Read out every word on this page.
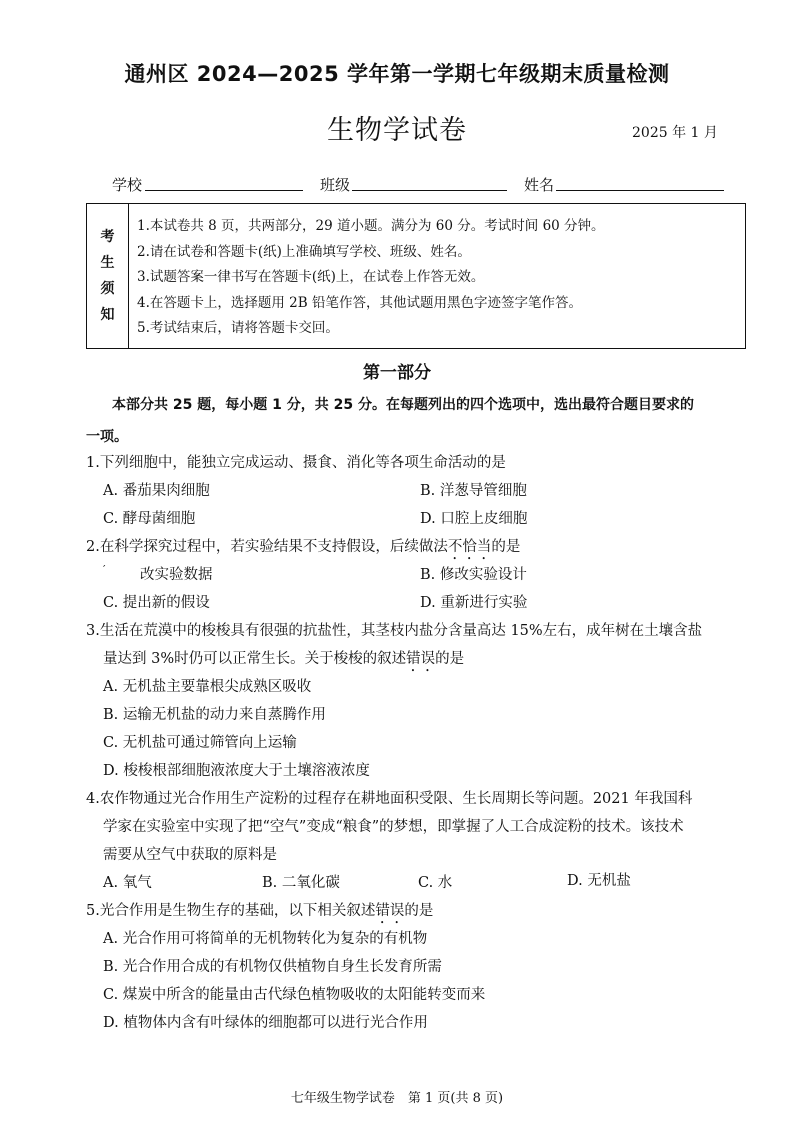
通州区 2024—2025 学年第一学期七年级期末质量检测
生物学试卷	2025 年 1 月
学校	班级	姓名
考
生
须
知
1.本试卷共 8 页，共两部分，29 道小题。满分为 60 分。考试时间 60 分钟。
2.请在试卷和答题卡(纸)上准确填写学校、班级、姓名。
3.试题答案一律书写在答题卡(纸)上，在试卷上作答无效。
4.在答题卡上，选择题用 2B 铅笔作答，其他试题用黑色字迹签字笔作答。
5.考试结束后，请将答题卡交回。
第一部分
本部分共 25 题，每小题 1 分，共 25 分。在每题列出的四个选项中，选出最符合题目要求的
一项。
1.下列细胞中，能独立完成运动、摄食、消化等各项生命活动的是
A. 番茄果肉细胞	B. 洋葱导管细胞
C. 酵母菌细胞	D. 口腔上皮细胞
2.在科学探究过程中，若实验结果不支持假设，后续做法不恰当的是
′ 改实验数据	B. 修改实验设计
C. 提出新的假设	D. 重新进行实验
3.生活在荒漠中的梭梭具有很强的抗盐性，其茎枝内盐分含量高达 15%左右，成年树在土壤含盐
量达到 3%时仍可以正常生长。关于梭梭的叙述错误的是
A. 无机盐主要靠根尖成熟区吸收
B. 运输无机盐的动力来自蒸腾作用
C. 无机盐可通过筛管向上运输
D. 梭梭根部细胞液浓度大于土壤溶液浓度
4.农作物通过光合作用生产淀粉的过程存在耕地面积受限、生长周期长等问题。2021 年我国科
学家在实验室中实现了把“空气”变成“粮食”的梦想，即掌握了人工合成淀粉的技术。该技术
需要从空气中获取的原料是
A. 氧气	B. 二氧化碳	C. 水	D. 无机盐
5.光合作用是生物生存的基础，以下相关叙述错误的是
A. 光合作用可将简单的无机物转化为复杂的有机物
B. 光合作用合成的有机物仅供植物自身生长发育所需
C. 煤炭中所含的能量由古代绿色植物吸收的太阳能转变而来
D. 植物体内含有叶绿体的细胞都可以进行光合作用
七年级生物学试卷　第 1 页(共 8 页)
